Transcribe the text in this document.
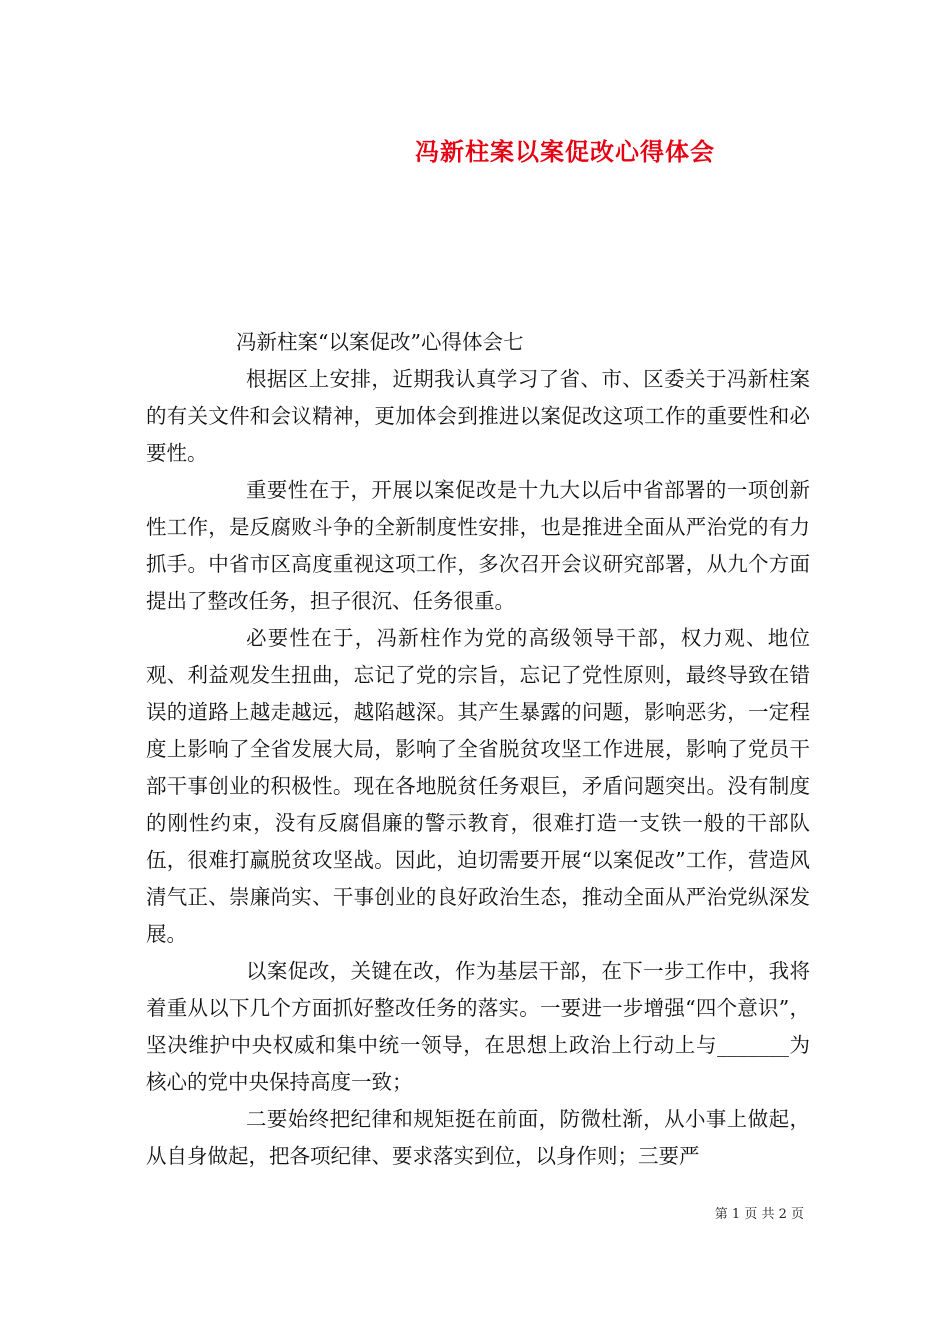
冯新柱案以案促改心得体会

冯新柱案“以案促改”心得体会七

根据区上安排，近期我认真学习了省、市、区委关于冯新柱案的有关文件和会议精神，更加体会到推进以案促改这项工作的重要性和必要性。

重要性在于，开展以案促改是十九大以后中省部署的一项创新性工作，是反腐败斗争的全新制度性安排，也是推进全面从严治党的有力抓手。中省市区高度重视这项工作，多次召开会议研究部署，从九个方面提出了整改任务，担子很沉、任务很重。

必要性在于，冯新柱作为党的高级领导干部，权力观、地位观、利益观发生扭曲，忘记了党的宗旨，忘记了党性原则，最终导致在错误的道路上越走越远，越陷越深。其产生暴露的问题，影响恶劣，一定程度上影响了全省发展大局，影响了全省脱贫攻坚工作进展，影响了党员干部干事创业的积极性。现在各地脱贫任务艰巨，矛盾问题突出。没有制度的刚性约束，没有反腐倡廉的警示教育，很难打造一支铁一般的干部队伍，很难打赢脱贫攻坚战。因此，迫切需要开展“以案促改”工作，营造风清气正、崇廉尚实、干事创业的良好政治生态，推动全面从严治党纵深发展。

以案促改，关键在改，作为基层干部，在下一步工作中，我将着重从以下几个方面抓好整改任务的落实。一要进一步增强“四个意识”，坚决维护中央权威和集中统一领导，在思想上政治上行动上与_______为核心的党中央保持高度一致；

二要始终把纪律和规矩挺在前面，防微杜渐，从小事上做起，从自身做起，把各项纪律、要求落实到位，以身作则；三要严

第 1 页 共 2 页
